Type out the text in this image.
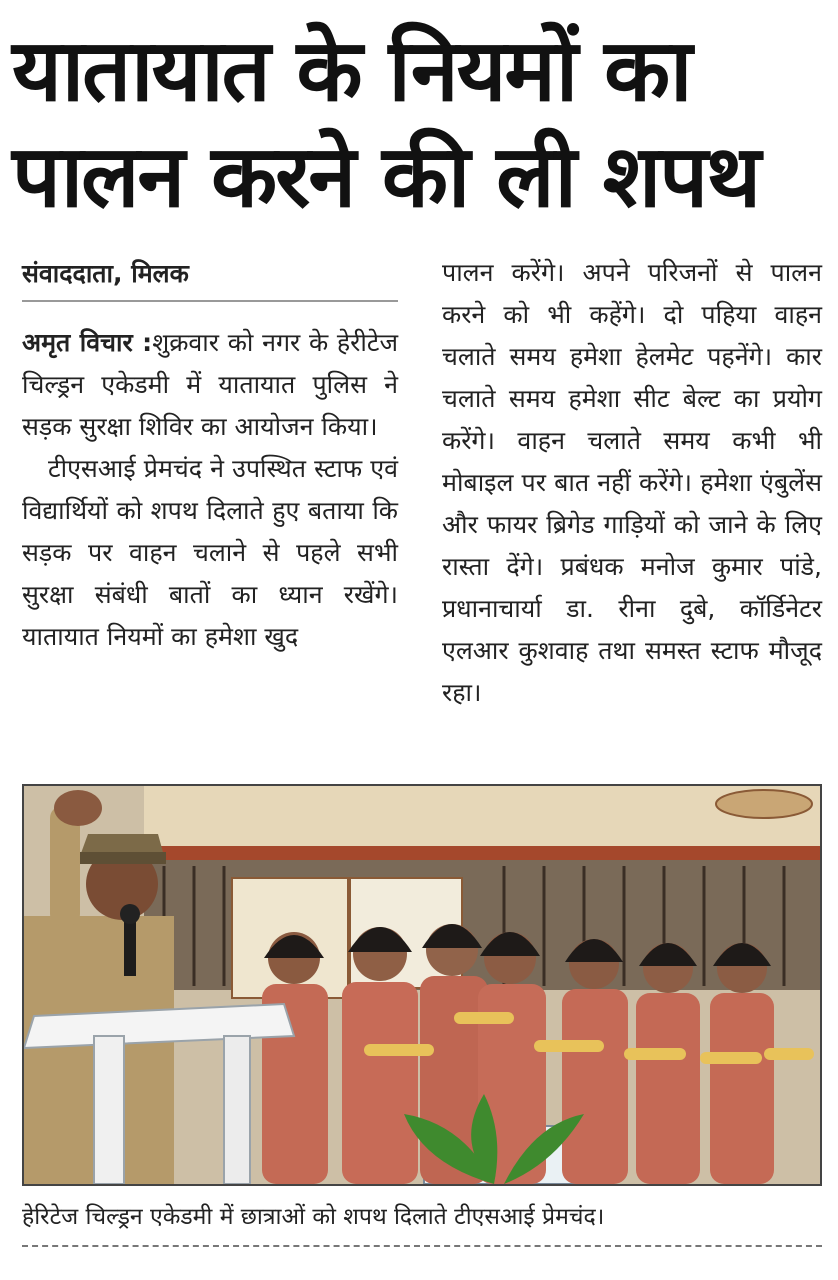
यातायात के नियमों का
पालन करने की ली शपथ
संवाददाता, मिलक

अमृत विचार :शुक्रवार को नगर के हेरीटेज चिल्ड्रन एकेडमी में यातायात पुलिस ने सड़क सुरक्षा शिविर का आयोजन किया।

टीएसआई प्रेमचंद ने उपस्थित स्टाफ एवं विद्यार्थियों को शपथ दिलाते हुए बताया कि सड़क पर वाहन चलाने से पहले सभी सुरक्षा संबंधी बातों का ध्यान रखेंगे। यातायात नियमों का हमेशा खुद

पालन करेंगे। अपने परिजनों से पालन करने को भी कहेंगे। दो पहिया वाहन चलाते समय हमेशा हेलमेट पहनेंगे। कार चलाते समय हमेशा सीट बेल्ट का प्रयोग करेंगे। वाहन चलाते समय कभी भी मोबाइल पर बात नहीं करेंगे। हमेशा एंबुलेंस और फायर ब्रिगेड गाड़ियों को जाने के लिए रास्ता देंगे। प्रबंधक मनोज कुमार पांडे, प्रधानाचार्या डा. रीना दुबे, कॉर्डिनेटर एलआर कुशवाह तथा समस्त स्टाफ मौजूद रहा।

हेरिटेज चिल्ड्रन एकेडमी में छात्राओं को शपथ दिलाते टीएसआई प्रेमचंद।
